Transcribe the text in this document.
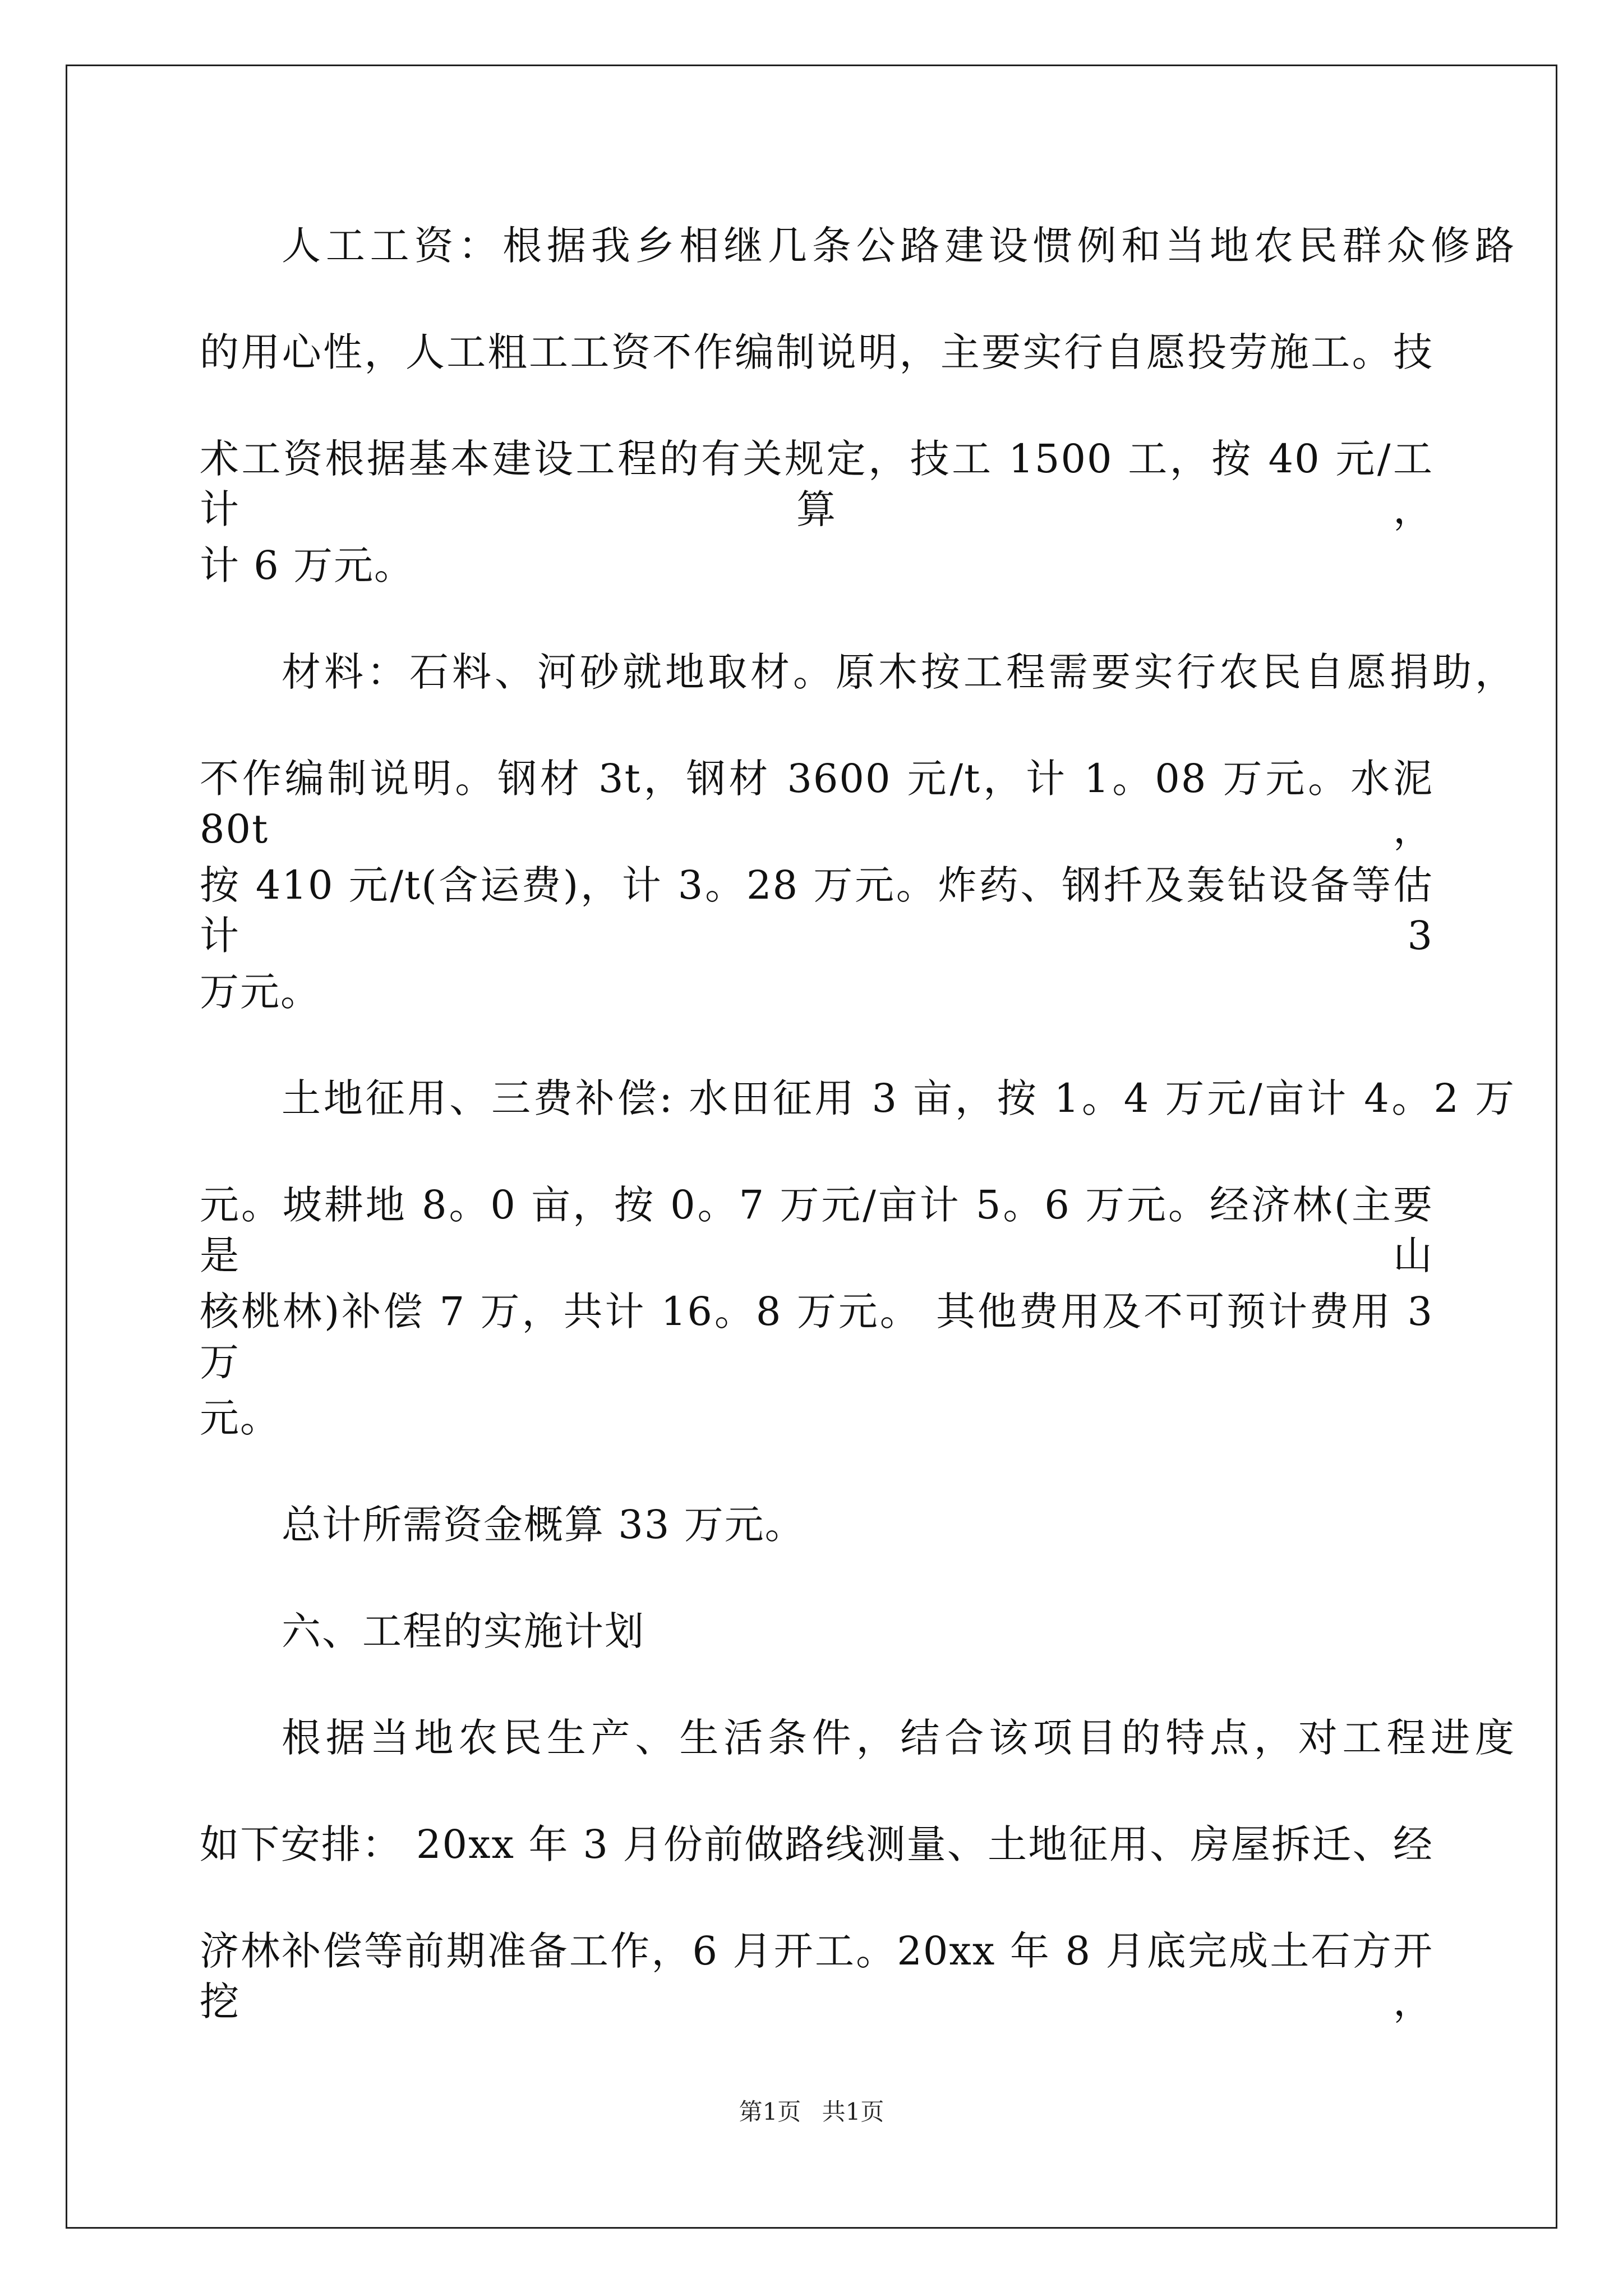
人工工资：根据我乡相继几条公路建设惯例和当地农民群众修路
的用心性，人工粗工工资不作编制说明，主要实行自愿投劳施工。技
术工资根据基本建设工程的有关规定，技工 1500 工，按 40 元/工计算，
计 6 万元。
材料：石料、河砂就地取材。原木按工程需要实行农民自愿捐助，
不作编制说明。钢材 3t，钢材 3600 元/t，计 1。08 万元。水泥 80t，
按 410 元/t(含运费)，计 3。28 万元。炸药、钢扦及轰钻设备等估计 3
万元。
土地征用、三费补偿: 水田征用 3 亩，按 1。4 万元/亩计 4。2 万
元。坡耕地 8。0 亩，按 0。7 万元/亩计 5。6 万元。经济林(主要是山
核桃林)补偿 7 万，共计 16。8 万元。 其他费用及不可预计费用 3 万
元。
总计所需资金概算 33 万元。
六、工程的实施计划
根据当地农民生产、生活条件，结合该项目的特点，对工程进度
如下安排： 20xx 年 3 月份前做路线测量、土地征用、房屋拆迁、经
济林补偿等前期准备工作，6 月开工。20xx 年 8 月底完成土石方开挖，
第1页 共1页
